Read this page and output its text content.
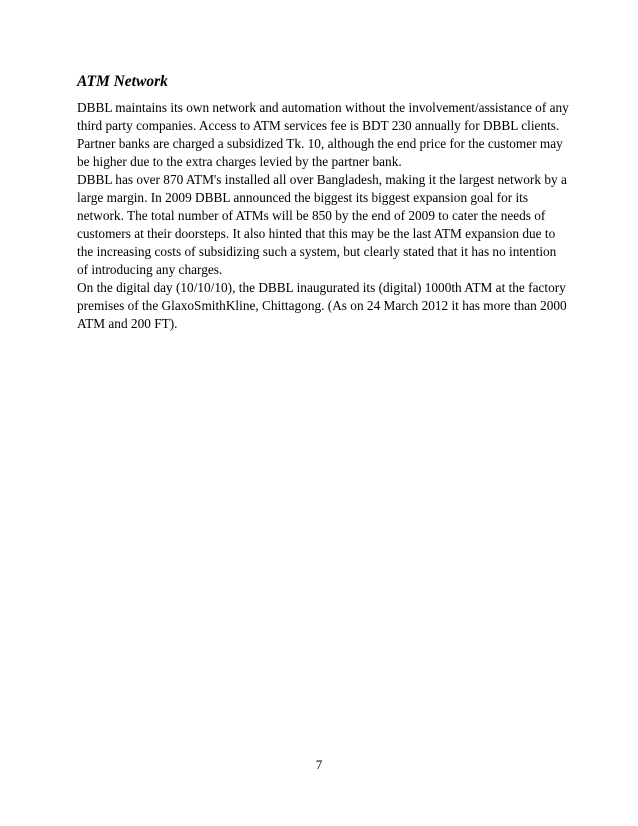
ATM Network
DBBL maintains its own network and automation without the involvement/assistance of any
third party companies. Access to ATM services fee is BDT 230 annually for DBBL clients.
Partner banks are charged a subsidized Tk. 10, although the end price for the customer may
be higher due to the extra charges levied by the partner bank.
DBBL has over 870 ATM's installed all over Bangladesh, making it the largest network by a
large margin. In 2009 DBBL announced the biggest its biggest expansion goal for its
network. The total number of ATMs will be 850 by the end of 2009 to cater the needs of
customers at their doorsteps. It also hinted that this may be the last ATM expansion due to
the increasing costs of subsidizing such a system, but clearly stated that it has no intention
of introducing any charges.
On the digital day (10/10/10), the DBBL inaugurated its (digital) 1000th ATM at the factory
premises of the GlaxoSmithKline, Chittagong. (As on 24 March 2012 it has more than 2000
ATM and 200 FT).
7
